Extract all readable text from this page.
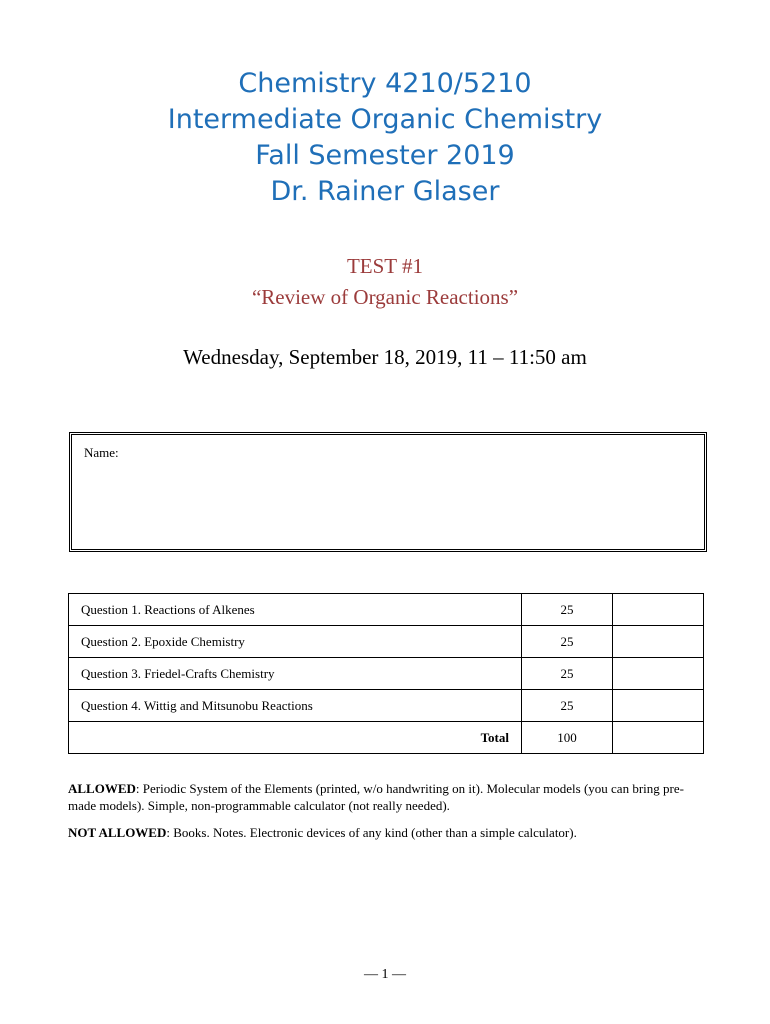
Chemistry 4210/5210
Intermediate Organic Chemistry
Fall Semester 2019
Dr. Rainer Glaser
TEST #1
“Review of Organic Reactions”
Wednesday, September 18, 2019, 11 – 11:50 am
Name:
Question 1. Reactions of Alkenes	25	
Question 2. Epoxide Chemistry	25	
Question 3. Friedel-Crafts Chemistry	25	
Question 4. Wittig and Mitsunobu Reactions	25	
Total	100	

ALLOWED: Periodic System of the Elements (printed, w/o handwriting on it). Molecular models (you can bring pre-made models). Simple, non-programmable calculator (not really needed).

NOT ALLOWED: Books. Notes. Electronic devices of any kind (other than a simple calculator).

— 1 —
